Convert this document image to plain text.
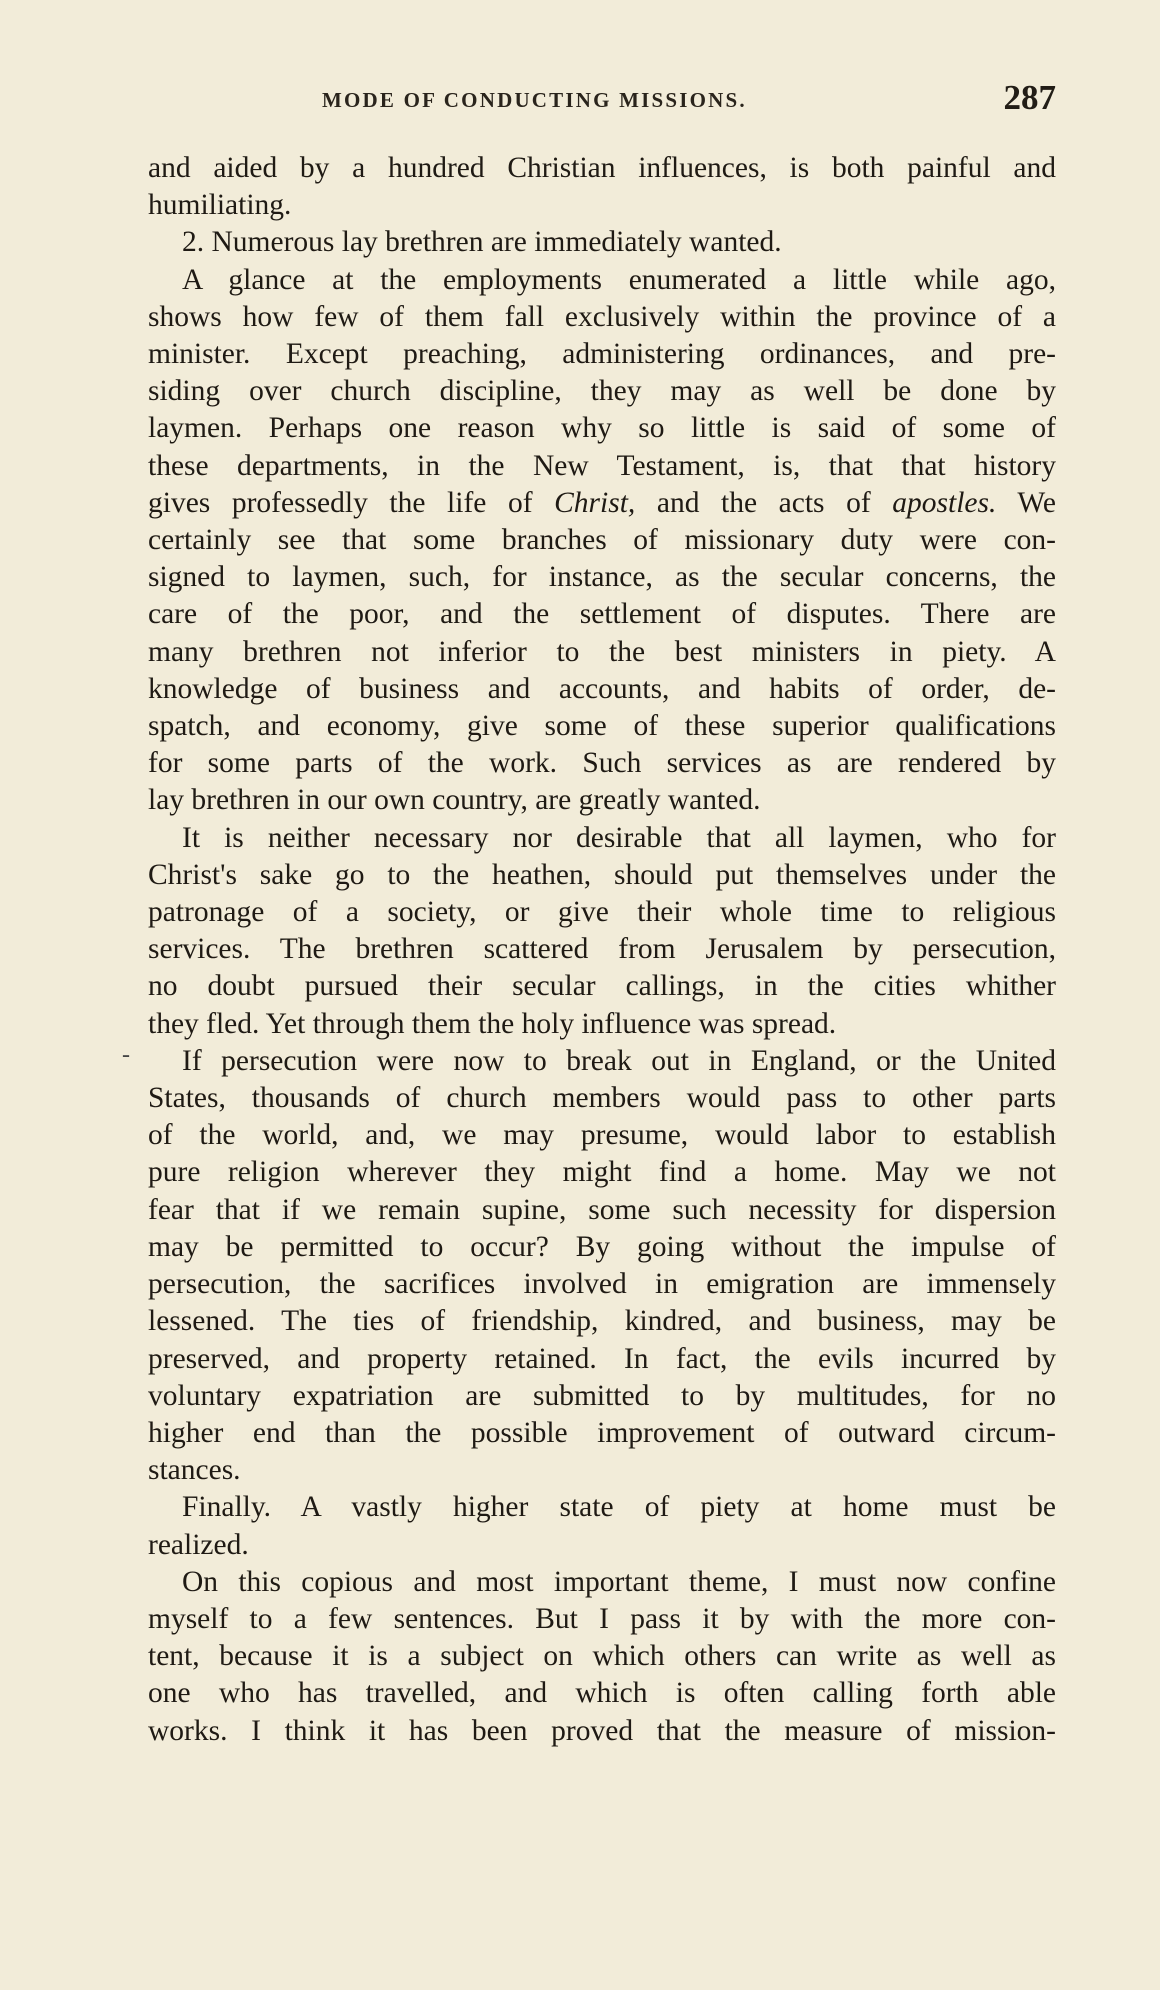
MODE OF CONDUCTING MISSIONS.	287
-
and aided by a hundred Christian influences, is both painful and
humiliating.
2. Numerous lay brethren are immediately wanted.
A glance at the employments enumerated a little while ago,
shows how few of them fall exclusively within the province of a
minister. Except preaching, administering ordinances, and pre-
siding over church discipline, they may as well be done by
laymen. Perhaps one reason why so little is said of some of
these departments, in the New Testament, is, that that history
gives professedly the life of Christ, and the acts of apostles. We
certainly see that some branches of missionary duty were con-
signed to laymen, such, for instance, as the secular concerns, the
care of the poor, and the settlement of disputes. There are
many brethren not inferior to the best ministers in piety. A
knowledge of business and accounts, and habits of order, de-
spatch, and economy, give some of these superior qualifications
for some parts of the work. Such services as are rendered by
lay brethren in our own country, are greatly wanted.
It is neither necessary nor desirable that all laymen, who for
Christ's sake go to the heathen, should put themselves under the
patronage of a society, or give their whole time to religious
services. The brethren scattered from Jerusalem by persecution,
no doubt pursued their secular callings, in the cities whither
they fled. Yet through them the holy influence was spread.
If persecution were now to break out in England, or the United
States, thousands of church members would pass to other parts
of the world, and, we may presume, would labor to establish
pure religion wherever they might find a home. May we not
fear that if we remain supine, some such necessity for dispersion
may be permitted to occur? By going without the impulse of
persecution, the sacrifices involved in emigration are immensely
lessened. The ties of friendship, kindred, and business, may be
preserved, and property retained. In fact, the evils incurred by
voluntary expatriation are submitted to by multitudes, for no
higher end than the possible improvement of outward circum-
stances.
Finally. A vastly higher state of piety at home must be
realized.
On this copious and most important theme, I must now confine
myself to a few sentences. But I pass it by with the more con-
tent, because it is a subject on which others can write as well as
one who has travelled, and which is often calling forth able
works. I think it has been proved that the measure of mission-
